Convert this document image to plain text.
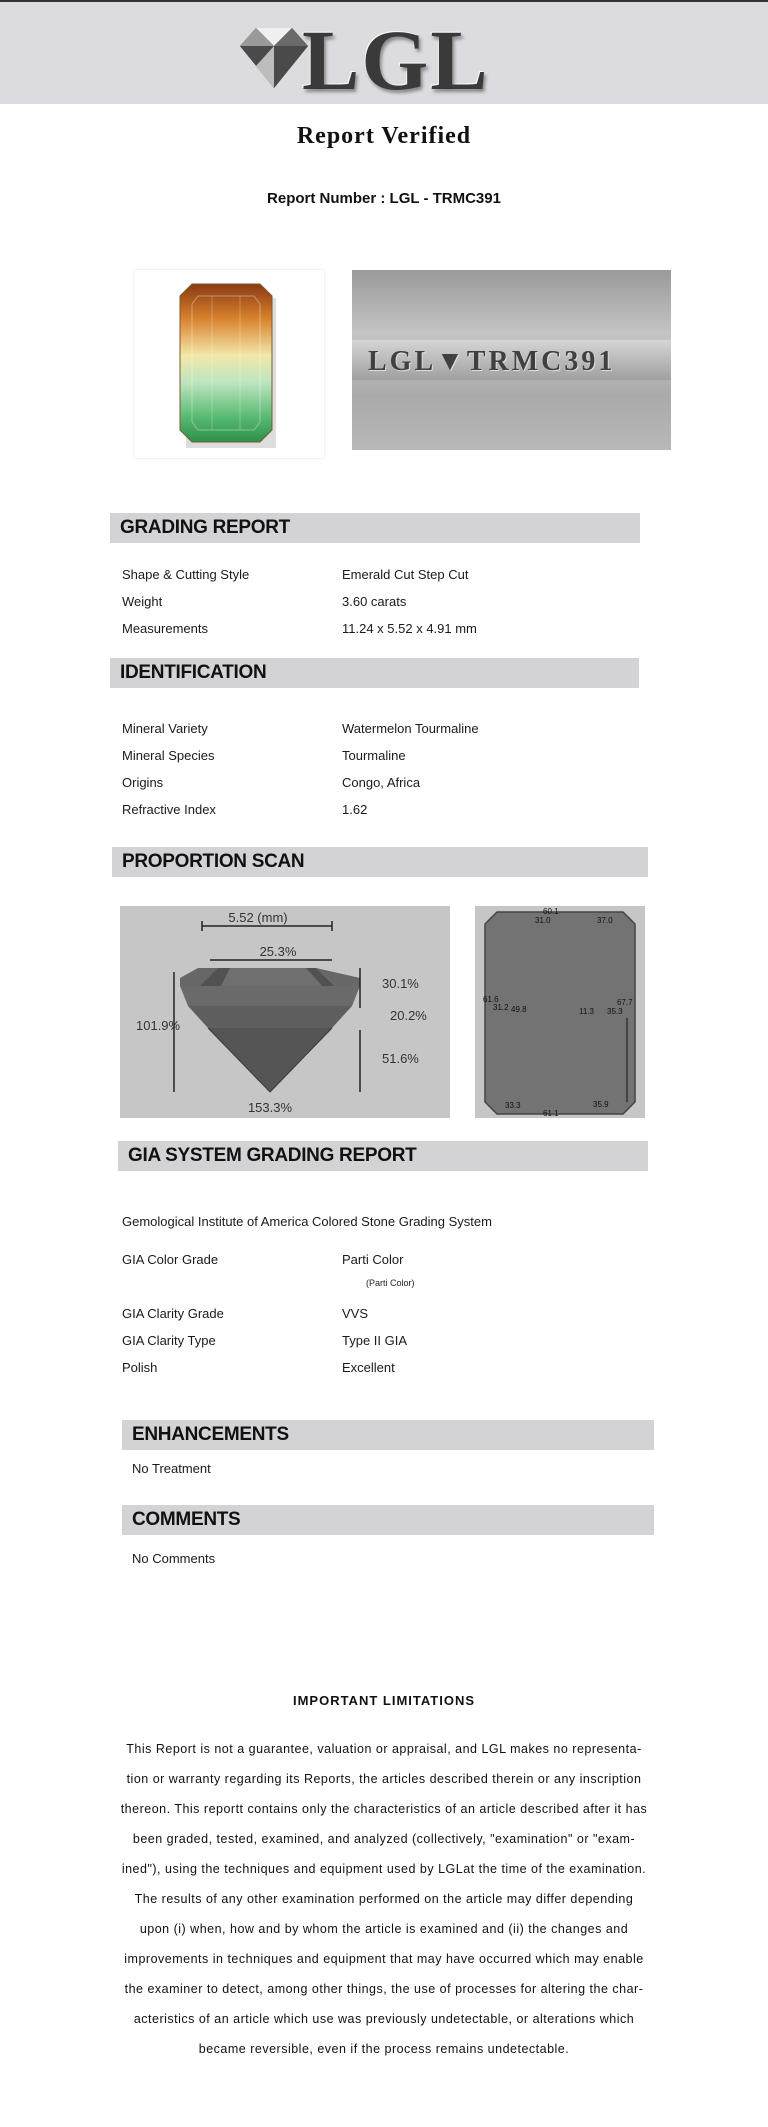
LGL
Report Verified
Report Number : LGL - TRMC391
LGL▼TRMC391
GRADING REPORT
Shape & Cutting Style	Emerald Cut Step Cut
Weight	3.60 carats
Measurements	11.24 x 5.52 x 4.91 mm
IDENTIFICATION
Mineral Variety	Watermelon Tourmaline
Mineral Species	Tourmaline
Origins	Congo, Africa
Refractive Index	1.62
PROPORTION SCAN
5.52 (mm)
25.3%
101.9%
30.1%
20.2%
51.6%
153.3%
60.1
31.0	37.0
61.6
31.2 49.8	11.3 35.3
67.7
33.3
61.1
35.9
GIA SYSTEM GRADING REPORT
Gemological Institute of America Colored Stone Grading System
GIA Color Grade	Parti Color
(Parti Color)
GIA Clarity Grade	VVS
GIA Clarity Type	Type II GIA
Polish	Excellent
ENHANCEMENTS
No Treatment
COMMENTS
No Comments
IMPORTANT LIMITATIONS
This Report is not a guarantee, valuation or appraisal, and LGL makes no representa-
tion or warranty regarding its Reports, the articles described therein or any inscription
thereon. This reportt contains only the characteristics of an article described after it has
been graded, tested, examined, and analyzed (collectively, "examination" or "exam-
ined"), using the techniques and equipment used by LGLat the time of the examination.
The results of any other examination performed on the article may differ depending
upon (i) when, how and by whom the article is examined and (ii) the changes and
improvements in techniques and equipment that may have occurred which may enable
the examiner to detect, among other things, the use of processes for altering the char-
acteristics of an article which use was previously undetectable, or alterations which
became reversible, even if the process remains undetectable.
